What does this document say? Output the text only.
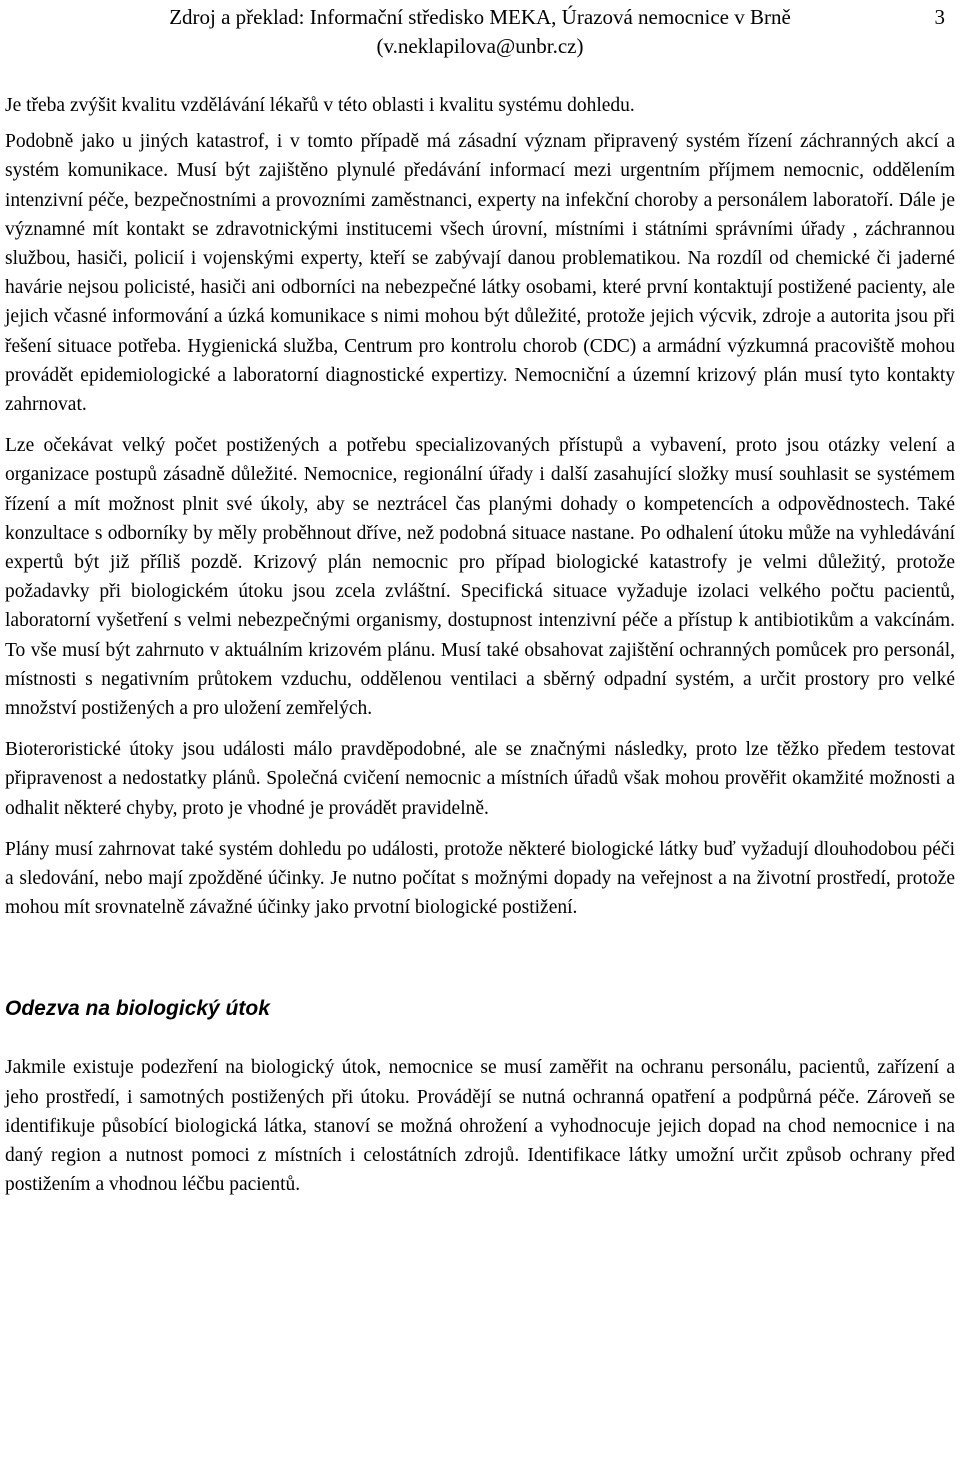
Zdroj a překlad: Informační středisko MEKA, Úrazová nemocnice v Brně
(v.neklapilova@unbr.cz)
3

Je třeba zvýšit kvalitu vzdělávání lékařů v této oblasti i kvalitu systému dohledu.

Podobně jako u jiných katastrof, i v tomto případě má zásadní význam připravený systém řízení záchranných akcí a systém komunikace. Musí být zajištěno plynulé předávání informací mezi urgentním příjmem nemocnic, oddělením intenzivní péče, bezpečnostními a provozními zaměstnanci, experty na infekční choroby a personálem laboratoří. Dále je významné mít kontakt se zdravotnickými institucemi všech úrovní, místními i státními správními úřady , záchrannou službou, hasiči, policií i vojenskými experty, kteří se zabývají danou problematikou. Na rozdíl od chemické či jaderné havárie nejsou policisté, hasiči ani odborníci na nebezpečné látky osobami, které první kontaktují postižené pacienty, ale jejich včasné informování a úzká komunikace s nimi mohou být důležité, protože jejich výcvik, zdroje a autorita jsou při řešení situace potřeba. Hygienická služba, Centrum pro kontrolu chorob (CDC) a armádní výzkumná pracoviště mohou provádět epidemiologické a laboratorní diagnostické expertizy. Nemocniční a územní krizový plán musí tyto kontakty zahrnovat.

Lze očekávat velký počet postižených a potřebu specializovaných přístupů a vybavení, proto jsou otázky velení a organizace postupů zásadně důležité. Nemocnice, regionální úřady i další zasahující složky musí souhlasit se systémem řízení a mít možnost plnit své úkoly, aby se neztrácel čas planými dohady o kompetencích a odpovědnostech. Také konzultace s odborníky by měly proběhnout dříve, než podobná situace nastane. Po odhalení útoku může na vyhledávání expertů být již příliš pozdě. Krizový plán nemocnic pro případ biologické katastrofy je velmi důležitý, protože požadavky při biologickém útoku jsou zcela zvláštní. Specifická situace vyžaduje izolaci velkého počtu pacientů, laboratorní vyšetření s velmi nebezpečnými organismy, dostupnost intenzivní péče a přístup k antibiotikům a vakcínám. To vše musí být zahrnuto v aktuálním krizovém plánu. Musí také obsahovat zajištění ochranných pomůcek pro personál, místnosti s negativním průtokem vzduchu, oddělenou ventilaci a sběrný odpadní systém, a určit prostory pro velké množství postižených a pro uložení zemřelých.

Bioteroristické útoky jsou události málo pravděpodobné, ale se značnými následky, proto lze těžko předem testovat připravenost a nedostatky plánů. Společná cvičení nemocnic a místních úřadů však mohou prověřit okamžité možnosti a odhalit některé chyby, proto je vhodné je provádět pravidelně.

Plány musí zahrnovat také systém dohledu po události, protože některé biologické látky buď vyžadují dlouhodobou péči a sledování, nebo mají zpožděné účinky. Je nutno počítat s možnými dopady na veřejnost a na životní prostředí, protože mohou mít srovnatelně závažné účinky jako prvotní biologické postižení.

Odezva na biologický útok

Jakmile existuje podezření na biologický útok, nemocnice se musí zaměřit na ochranu personálu, pacientů, zařízení a jeho prostředí, i samotných postižených při útoku. Provádějí se nutná ochranná opatření a podpůrná péče. Zároveň se identifikuje působící biologická látka, stanoví se možná ohrožení a vyhodnocuje jejich dopad na chod nemocnice i na daný region a nutnost pomoci z místních i celostátních zdrojů. Identifikace látky umožní určit způsob ochrany před postižením a vhodnou léčbu pacientů.
